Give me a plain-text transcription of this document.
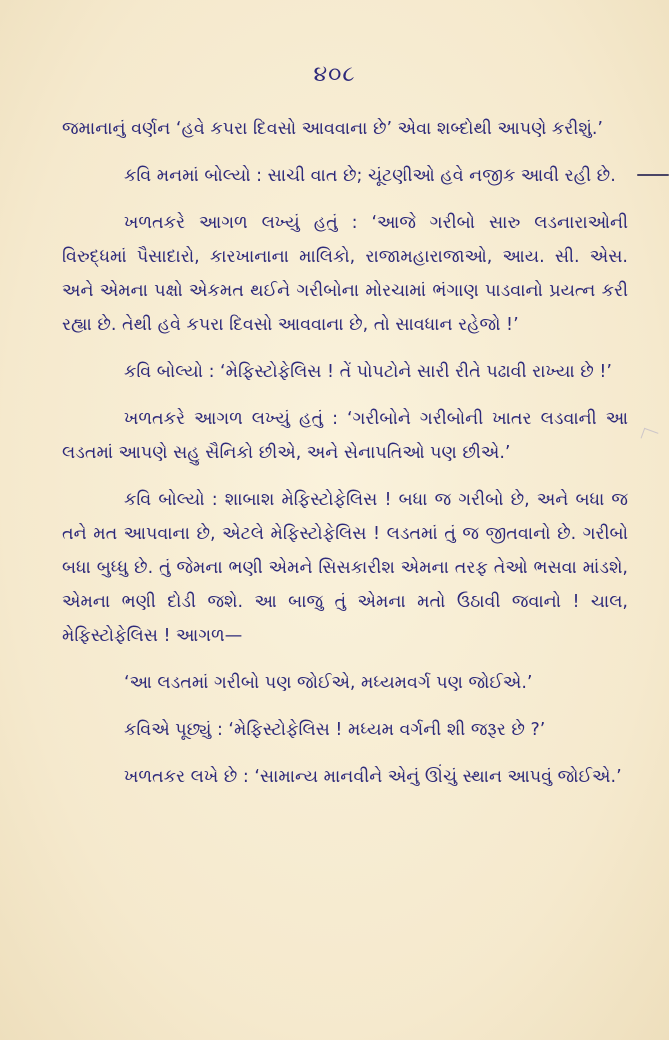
૪૦૮

જમાનાનું વર્ણન ‘હવે કપરા દિવસો આવવાના છે’ એવા શબ્દોથી આપણે કરીશું.’

કવિ મનમાં બોલ્યો : સાચી વાત છે; ચૂંટણીઓ હવે નજીક આવી રહી છે.

ખળતકરે આગળ લખ્યું હતું : ‘આજે ગરીબો સારુ લડનારાઓની વિરુદ્ધમાં પૈસાદારો, કારખાનાના માલિકો, રાજામહારાજાઓ, આય. સી. એસ. અને એમના પક્ષો એકમત થઈને ગરીબોના મોરચામાં ભંગાણ પાડવાનો પ્રયત્ન કરી રહ્યા છે. તેથી હવે કપરા દિવસો આવવાના છે, તો સાવધાન રહેજો !’

કવિ બોલ્યો : ‘મેફિસ્ટોફેલિસ ! તેં પોપટોને સારી રીતે પઢાવી રાખ્યા છે !’

ખળતકરે આગળ લખ્યું હતું : ‘ગરીબોને ગરીબોની ખાતર લડવાની આ લડતમાં આપણે સહુ સૈનિકો છીએ, અને સેનાપતિઓ પણ છીએ.’

કવિ બોલ્યો : શાબાશ મેફિસ્ટોફેલિસ ! બધા જ ગરીબો છે, અને બધા જ તને મત આપવાના છે, એટલે મેફિસ્ટોફેલિસ ! લડતમાં તું જ જીતવાનો છે. ગરીબો બધા બુધ્ધુ છે. તું જેમના ભણી એમને સિસકારીશ એમના તરફ તેઓ ભસવા માંડશે, એમના ભણી દોડી જશે. આ બાજુ તું એમના મતો ઉઠાવી જવાનો ! ચાલ, મેફિસ્ટોફેલિસ ! આગળ—

‘આ લડતમાં ગરીબો પણ જોઈએ, મધ્યમવર્ગ પણ જોઈએ.’

કવિએ પૂછ્યું : ‘મેફિસ્ટોફેલિસ ! મધ્યમ વર્ગની શી જરૂર છે ?’

ખળતકર લખે છે : ‘સામાન્ય માનવીને એનું ઊંચું સ્થાન આપવું જોઈએ.’
